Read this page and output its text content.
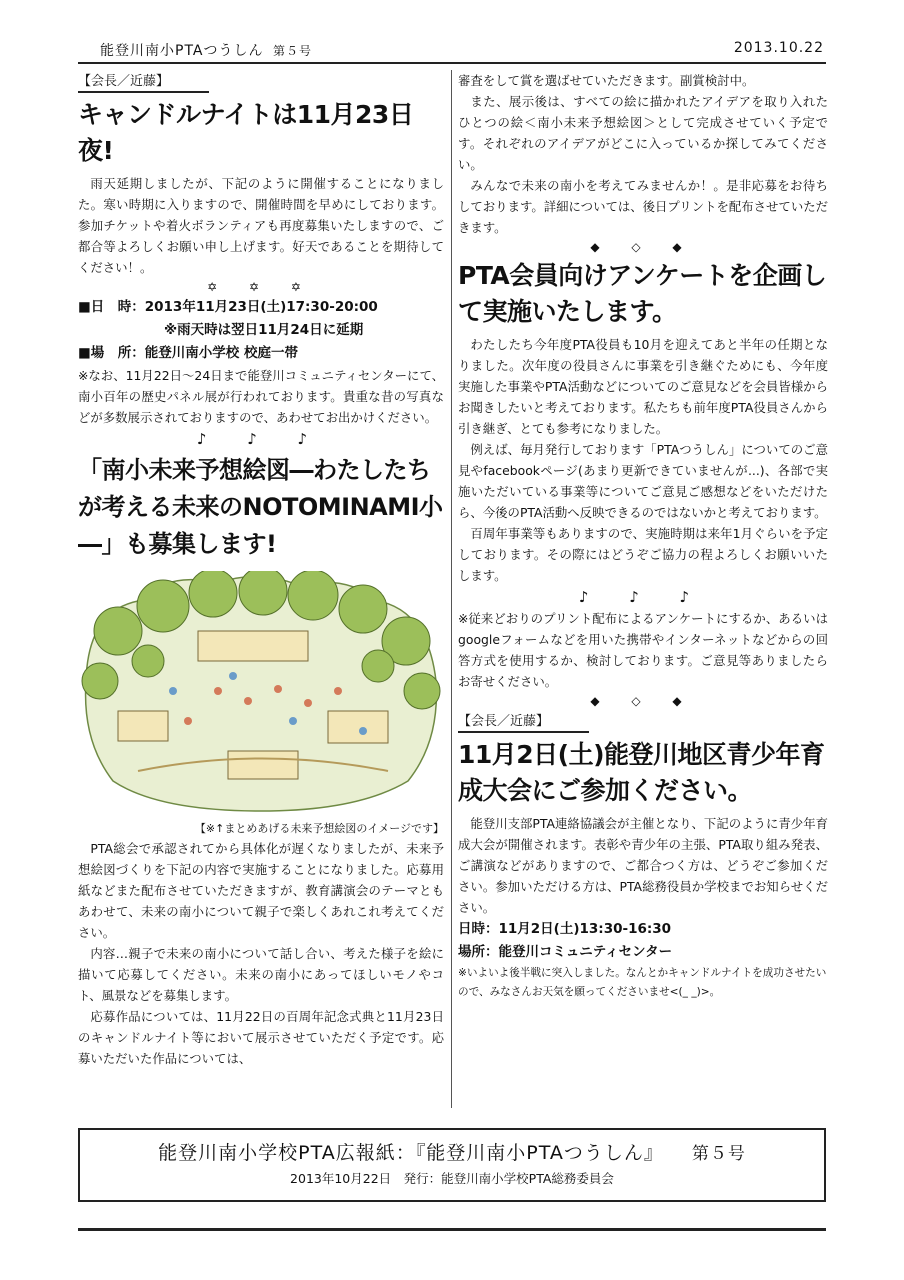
能登川南小PTAつうしん 第５号	2013.10.22
【会長／近藤】
キャンドルナイトは11月23日夜!

雨天延期しましたが、下記のように開催することになりました。寒い時期に入りますので、開催時間を早めにしております。参加チケットや着火ボランティアも再度募集いたしますので、ご都合等よろしくお願い申し上げます。好天であることを期待してください！。

✡ ✡ ✡
■日　時：2013年11月23日(土)17:30-20:00
※雨天時は翌日11月24日に延期
■場　所：能登川南小学校 校庭一帯

※なお、11月22日～24日まで能登川コミュニティセンターにて、南小百年の歴史パネル展が行われております。貴重な昔の写真などが多数展示されておりますので、あわせてお出かけください。

♪ ♪ ♪
「南小未来予想絵図―わたしたちが考える未来のNOTOMINAMI小―」も募集します!
【※↑まとめあげる未来予想絵図のイメージです】

PTA総会で承認されてから具体化が遅くなりましたが、未来予想絵図づくりを下記の内容で実施することになりました。応募用紙などまた配布させていただきますが、教育講演会のテーマともあわせて、未来の南小について親子で楽しくあれこれ考えてください。

内容…親子で未来の南小について話し合い、考えた様子を絵に描いて応募してください。未来の南小にあってほしいモノやコト、風景などを募集します。

応募作品については、11月22日の百周年記念式典と11月23日のキャンドルナイト等において展示させていただく予定です。応募いただいた作品については、

審査をして賞を選ばせていただきます。副賞検討中。

また、展示後は、すべての絵に描かれたアイデアを取り入れたひとつの絵＜南小未来予想絵図＞として完成させていく予定です。それぞれのアイデアがどこに入っているか探してみてください。

みんなで未来の南小を考えてみませんか！。是非応募をお待ちしております。詳細については、後日プリントを配布させていただきます。

◆ ◇ ◆
PTA会員向けアンケートを企画して実施いたします。

わたしたち今年度PTA役員も10月を迎えてあと半年の任期となりました。次年度の役員さんに事業を引き継ぐためにも、今年度実施した事業やPTA活動などについてのご意見などを会員皆様からお聞きしたいと考えております。私たちも前年度PTA役員さんから引き継ぎ、とても参考になりました。

例えば、毎月発行しております「PTAつうしん」についてのご意見やfacebookページ(あまり更新できていませんが...)、各部で実施いただいている事業等についてご意見ご感想などをいただけたら、今後のPTA活動へ反映できるのではないかと考えております。

百周年事業等もありますので、実施時期は来年1月ぐらいを予定しております。その際にはどうぞご協力の程よろしくお願いいたします。

♪ ♪ ♪

※従来どおりのプリント配布によるアンケートにするか、あるいはgoogleフォームなどを用いた携帯やインターネットなどからの回答方式を使用するか、検討しております。ご意見等ありましたらお寄せください。

◆ ◇ ◆
【会長／近藤】
11月2日(土)能登川地区青少年育成大会にご参加ください。

能登川支部PTA連絡協議会が主催となり、下記のように青少年育成大会が開催されます。表彰や青少年の主張、PTA取り組み発表、ご講演などがありますので、ご都合つく方は、どうぞご参加ください。参加いただける方は、PTA総務役員か学校までお知らせください。

日時：11月2日(土)13:30-16:30
場所：能登川コミュニティセンター
※いよいよ後半戦に突入しました。なんとかキャンドルナイトを成功させたいので、みなさんお天気を願ってくださいませ<(_ _)>。
能登川南小学校PTA広報紙：『能登川南小PTAつうしん』 第５号
2013年10月22日　発行：能登川南小学校PTA総務委員会
